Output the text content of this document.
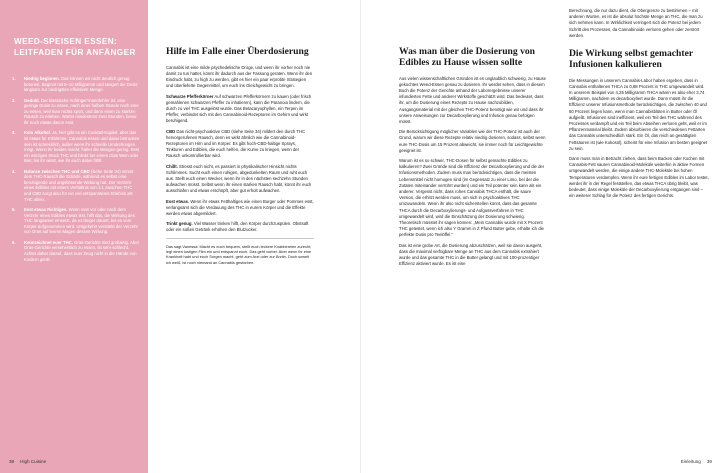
WEED-SPEISEN ESSEN: LEITFADEN FÜR ANFÄNGER
1. Niedrig beginnen. Das können wir nicht deutlich genug betonen. Beginnt mit 5–10 Milligramm und steigert die Dosis langsam zur niedrigsten effektiven Menge.
2. Geduld. Der klassische Anfänger*innenfehler ist, eine geringe Dosis zu essen, nach einer halben Stunde noch eine zu essen, weil man nichts spürt, und dann einen zu starken Rausch zu erleben. Wartet mindestens zwei Stunden, bevor ihr noch etwas davon esst.
3. Kein Alkohol. Ja, hier gibt es ein Cocktail-Kapitel, aber das ist etwas für Erfahrene. Cannabis essen und dabei betrunken sein ist schrecklich, außer wenn ihr schnelle Umdrehungen mögt. Wenn ihr beides macht, haltet die Mengen gering. Esst ein winziges Stück THC und bleibt bei einem Glas Wein oder Bier, bis ihr wisst, wie ihr euch dabei fühlt.
4. Balance zwischen THC und CBD (siehe Seite 34) nimmt dem THC-Rausch die Schärfe, während es selbst eine beruhigende und angstlösende Wirkung hat. Der Verzehr eines Edibles mit einem Verhältnis von 1:1 zwischen THC und CBD sorgt also für ein viel entspannteres Erlebnis als THC allein.
5. Esst etwas Richtiges. Wenn man vor oder nach dem Verzehr eines Edibles etwas isst, hilft das, die Wirkung des THC langsamer einsetzt, da es länger dauert, bis es vom Körper aufgenommen wird. Umgekehrt verstärkt der Verzehr von Gras auf leeren Magen dessen Wirkung.
6. Kennzeichnet euer THC. Gras-Gerichte sind großartig. Aber Gras-Gerichte versehentlich zu essen, ist sehr schlecht. Achtet daher darauf, dass euer Zeug nicht in die Hände von Kindern gerät.
Hilfe im Falle einer Überdosierung

Cannabis ist eine milde psychedelische Droge, und wenn ihr vorher noch nie damit zu tun hattet, könnt ihr dadurch aus der Fassung geraten. Wenn ihr den Eindruck habt, zu high zu werden, gibt es hier ein paar erprobte Strategien und überlieferte Gegenmittel, um euch ins Gleichgewicht zu bringen.

Schwarze Pfefferkörner Auf schwarzen Pfefferkörnern zu kauen (oder frisch gemahlenen schwarzen Pfeffer zu inhalieren), kann die Paranoia lindern, die durch zu viel THC ausgelöst wurde. Das Betacaryophyllen, ein Terpen im Pfeffer, verbindet sich mit den Cannabinoid-Rezeptoren im Gehirn und wirkt beruhigend.

CBD Das nicht-psychoaktive CBD (siehe Seite 34) mildert den durch THC hervorgerufenen Rausch, denn es wirkt ähnlich wie die Cannabinoid-Rezeptoren im Hirn und im Körper. Es gibt hoch-CBD-haltige Sprays, Tinkturen und Edibles, die euch helfen, die Kurve zu kriegen, wenn der Rausch unkontrollierbar wird.

Chillt. Stresst euch nicht, es passiert in physikalischer Hinsicht nichts Schlimmes. Sucht euch einen ruhigen, abgedunkelten Raum und ruht euch aus. Stellt euch einen Wecker, wenn ihr in den nächsten sechzehn Stunden aufwachen müsst. Selbst wenn ihr einen starken Rausch habt, könnt ihr euch ausschlafen und etwas erschöpft, aber gut erholt aufwachen.

Esst etwas. Wenn ihr etwas Fetthaltiges wie einen Burger oder Pommes esst, verlangsamt sich die Verdauung des THC in eurem Körper und die Effekte werden etwas abgemildert.

Trinkt genug. Viel Wasser trinken hilft, den Körper durchzuspülen. Obstsaft oder ein süßes Getränk erhöhen den Blutzucker.

Das sagt Vanessa: Macht es euch bequem, stellt euch leckere Knabbereien zurecht, legt einen lustigen Film ein und entspannt euch. Das geht vorbei. Aber wenn ihr eine Krankheit habt und euch Sorgen macht, geht zum Arzt oder zur Ärztin. Doch soweit ich weiß, ist noch niemand an Cannabis gestorben.

38 High Cuisine
Was man über die Dosierung von Edibles zu Hause wissen sollte

Aus vielen wissenschaftlichen Gründen ist es unglaublich schwierig, zu Hause gekochtes Weed-Essen genau zu dosieren. Ihr werdet sehen, dass in diesem Buch die Potenz der Gerichte anhand der Laborergebnisse unserer infundierten Fette und anderer Wirkstoffe geschätzt wird. Das bedeutet, dass ihr, um die Dosierung eines Rezepts zu Hause nachzubilden, Ausgangsmaterial mit der gleichen THC-Potenz benötigt wie wir und dass ihr unsere Anweisungen zur Decarboxylierung und Infusion genau befolgen müsst.

Die Berücksichtigung möglicher Variablen wie der THC-Potenz ist auch der Grund, warum wir diese Rezepte relativ niedrig dosieren, sodass, selbst wenn eure THC-Dosis um 15 Prozent abweicht, sie immer noch für Leichtgewichte geeignet ist.

Warum ist es so schwer, THC-Dosen für selbst gemachte Edibles zu kalkulieren? Zwei Gründe sind die Effizienz der Decarboxylierung und die der Infusionsmethoden. Zudem muss man berücksichtigen, dass die meisten Lebensmittel nicht homogen sind (im Gegensatz zu einer Limo, bei der die Zutaten miteinander verrührt wurden) und ein Teil potenter sein kann als ein anderer. Vergesst nicht, dass rohes Cannabis THCA enthält, die saure Version, die erhitzt werden muss, um sich in psychoaktives THC umzuwandeln. Wenn ihr also nicht sicherstellen könnt, dass das gesamte THCA durch die Decarboxylierungs- und Aufgussverfahren in THC umgewandelt wird, wird die Einschätzung der Dosierung schwierig. Theoretisch müsstet ihr sagen können: „Mein Cannabis wurde mit X Prozent THC getestet, wenn ich also Y Gramm in Z Pfund Butter gebe, erhalte ich die perfekte Dosis pro Teelöffel.“

Das ist eine grobe Art, die Dosierung abzuschätzen, weil sie davon ausgeht, dass die maximal verfügbare Menge an THC aus dem Cannabis extrahiert wurde und das gesamte THC in die Butter gelangt und mit 100-prozentiger Effizienz aktiviert wurde. Es ist eine

Berechnung, die nur dazu dient, die Obergrenze zu bestimmen – mit anderen Worten, es ist die absolut höchste Menge an THC, die man zu sich nehmen kann. In Wirklichkeit verringert sich die Potenz bei jedem Schritt des Prozesses, da Cannabinoide verloren gehen oder zerstört werden.

Die Wirkung selbst gemachter Infusionen kalkulieren

Die Messungen in unserem Cannabis-Labor haben ergeben, dass in Cannabis enthaltenes THCA zu 0,88 Prozent in THC umgewandelt wird. In unserem Beispiel von 4,25 Milligramm THCA wären es also eher 3,74 Milligramm, nachdem es decarboxyliert wurde. Dann müsst ihr die Effizienz unserer Infusionsmethode berücksichtigen, die zwischen 40 und 60 Prozent liegen kann, wenn man Cannabisblüten in Butter oder Öl aufgießt. Infusionen sind ineffizient, weil ein Teil des THC während des Prozesses verdampft und ein Teil beim Abseihen verloren geht, weil er im Pflanzenmaterial bleibt. Zudem absorbieren die verschiedenen Fettarten das Cannabis unterschiedlich stark. Ein Öl, das reich an gesättigten Fettsäuren ist (wie Kokosöl), scheint für eine Infusion am besten geeignet zu sein.

Dann muss man in Betracht ziehen, dass beim Backen oder Kochen mit Cannabis-Fett sauren Cannabinoid-Moleküle weiterhin in aktive Formen umgewandelt werden, die einige andere THC-Moleküle bei hohen Temperaturen verdampfen. Wenn ihr eure fertigen Edibles im Labor testet, werdet ihr in der Regel feststellen, das etwas THCA übrig bleibt, was bedeutet, dass einige Moleküle der Decarboxylierung entgangen sind – ein weiterer Schlag für die Potenz des fertigen Gerichts.

Einleitung 39
